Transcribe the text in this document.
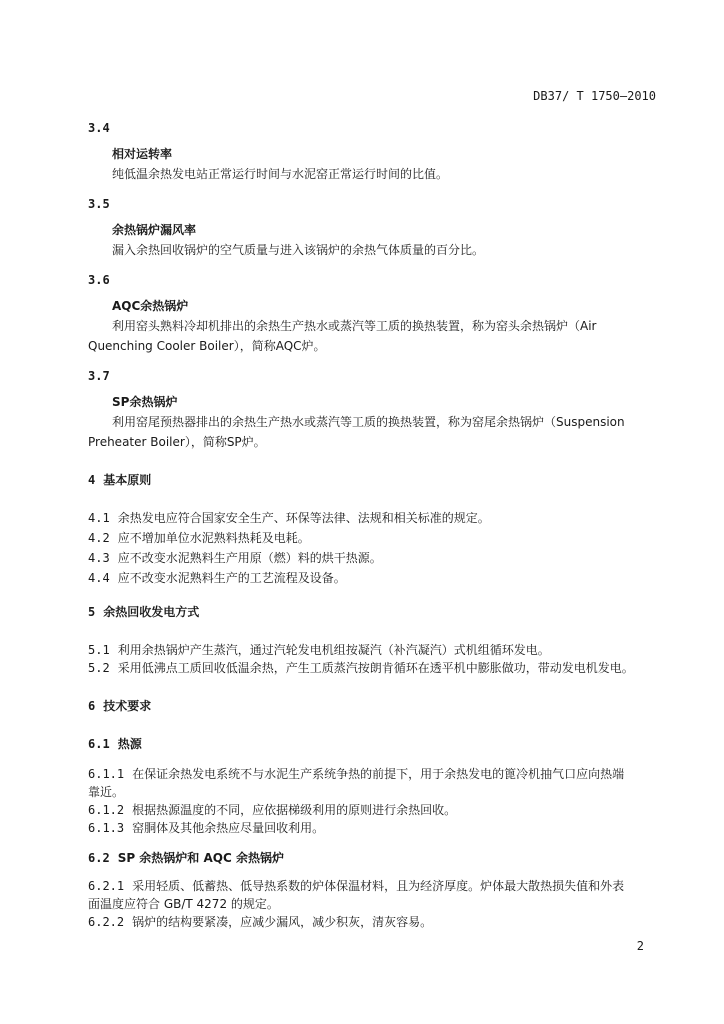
DB37/ T 1750—2010
3.4
相对运转率
纯低温余热发电站正常运行时间与水泥窑正常运行时间的比值。
3.5
余热锅炉漏风率
漏入余热回收锅炉的空气质量与进入该锅炉的余热气体质量的百分比。
3.6
AQC余热锅炉
利用窑头熟料冷却机排出的余热生产热水或蒸汽等工质的换热装置，称为窑头余热锅炉（Air
Quenching Cooler Boiler），简称AQC炉。
3.7
SP余热锅炉
利用窑尾预热器排出的余热生产热水或蒸汽等工质的换热装置，称为窑尾余热锅炉（Suspension
Preheater Boiler），简称SP炉。
4 基本原则
4.1 余热发电应符合国家安全生产、环保等法律、法规和相关标准的规定。
4.2 应不增加单位水泥熟料热耗及电耗。
4.3 应不改变水泥熟料生产用原（燃）料的烘干热源。
4.4 应不改变水泥熟料生产的工艺流程及设备。
5 余热回收发电方式
5.1 利用余热锅炉产生蒸汽，通过汽轮发电机组按凝汽（补汽凝汽）式机组循环发电。
5.2 采用低沸点工质回收低温余热，产生工质蒸汽按朗肯循环在透平机中膨胀做功，带动发电机发电。
6 技术要求
6.1 热源
6.1.1 在保证余热发电系统不与水泥生产系统争热的前提下，用于余热发电的篦冷机抽气口应向热端
靠近。
6.1.2 根据热源温度的不同，应依据梯级利用的原则进行余热回收。
6.1.3 窑胴体及其他余热应尽量回收利用。
6.2 SP 余热锅炉和 AQC 余热锅炉
6.2.1 采用轻质、低蓄热、低导热系数的炉体保温材料，且为经济厚度。炉体最大散热损失值和外表
面温度应符合 GB/T 4272 的规定。
6.2.2 锅炉的结构要紧凑，应减少漏风，减少积灰，清灰容易。
2
